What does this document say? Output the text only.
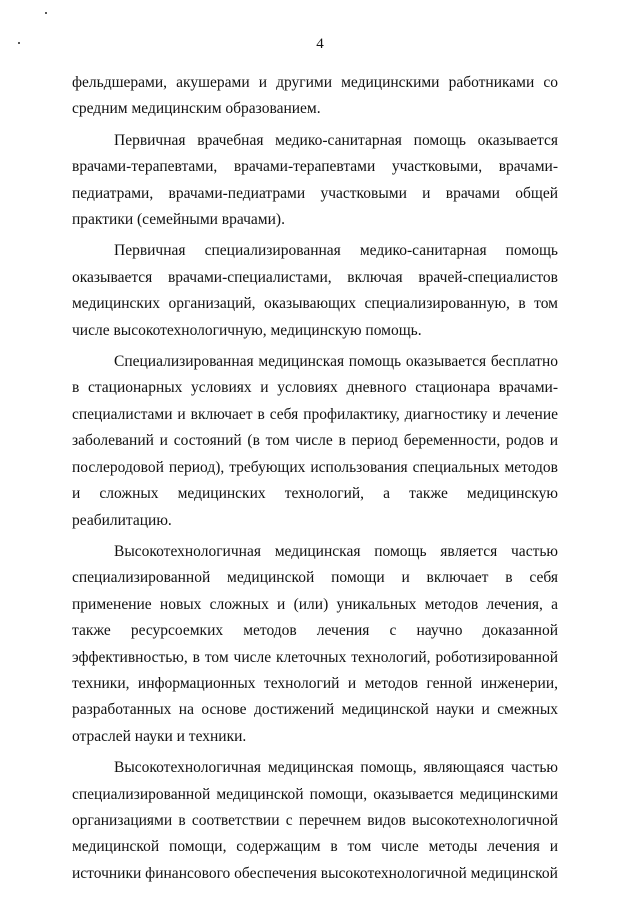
4

фельдшерами, акушерами и другими медицинскими работниками со средним медицинским образованием.

Первичная врачебная медико-санитарная помощь оказывается врачами-терапевтами, врачами-терапевтами участковыми, врачами-педиатрами, врачами-педиатрами участковыми и врачами общей практики (семейными врачами).

Первичная специализированная медико-санитарная помощь оказывается врачами-специалистами, включая врачей-специалистов медицинских организаций, оказывающих специализированную, в том числе высокотехнологичную, медицинскую помощь.

Специализированная медицинская помощь оказывается бесплатно в стационарных условиях и условиях дневного стационара врачами-специалистами и включает в себя профилактику, диагностику и лечение заболеваний и состояний (в том числе в период беременности, родов и послеродовой период), требующих использования специальных методов и сложных медицинских технологий, а также медицинскую реабилитацию.

Высокотехнологичная медицинская помощь является частью специализированной медицинской помощи и включает в себя применение новых сложных и (или) уникальных методов лечения, а также ресурсоемких методов лечения с научно доказанной эффективностью, в том числе клеточных технологий, роботизированной техники, информационных технологий и методов генной инженерии, разработанных на основе достижений медицинской науки и смежных отраслей науки и техники.

Высокотехнологичная медицинская помощь, являющаяся частью специализированной медицинской помощи, оказывается медицинскими организациями в соответствии с перечнем видов высокотехнологичной медицинской помощи, содержащим в том числе методы лечения и источники финансового обеспечения высокотехнологичной медицинской
